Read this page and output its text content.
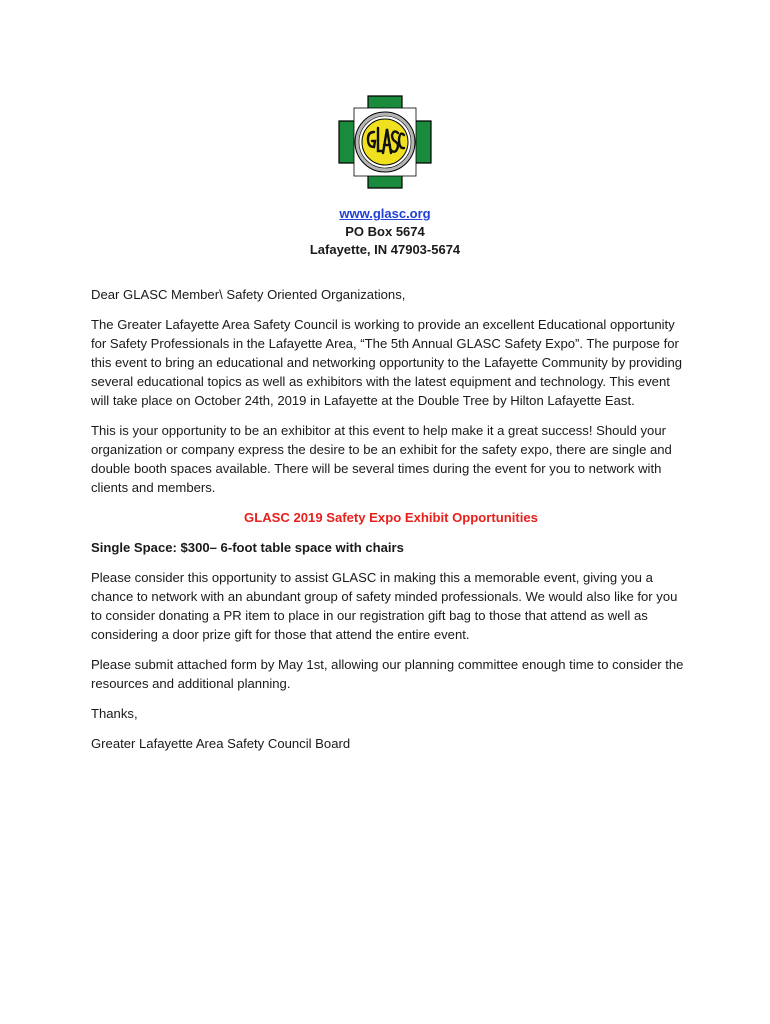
www.glasc.org
PO Box 5674
Lafayette, IN 47903-5674

Dear GLASC Member\ Safety Oriented Organizations,

The Greater Lafayette Area Safety Council is working to provide an excellent Educational opportunity for Safety Professionals in the Lafayette Area, “The 5th Annual GLASC Safety Expo”. The purpose for this event to bring an educational and networking opportunity to the Lafayette Community by providing several educational topics as well as exhibitors with the latest equipment and technology. This event will take place on October 24th, 2019 in Lafayette at the Double Tree by Hilton Lafayette East.

This is your opportunity to be an exhibitor at this event to help make it a great success! Should your organization or company express the desire to be an exhibit for the safety expo, there are single and double booth spaces available. There will be several times during the event for you to network with clients and members.

GLASC 2019 Safety Expo Exhibit Opportunities

Single Space: $300– 6-foot table space with chairs

Please consider this opportunity to assist GLASC in making this a memorable event, giving you a chance to network with an abundant group of safety minded professionals. We would also like for you to consider donating a PR item to place in our registration gift bag to those that attend as well as considering a door prize gift for those that attend the entire event.

Please submit attached form by May 1st, allowing our planning committee enough time to consider the resources and additional planning.

Thanks,

Greater Lafayette Area Safety Council Board
